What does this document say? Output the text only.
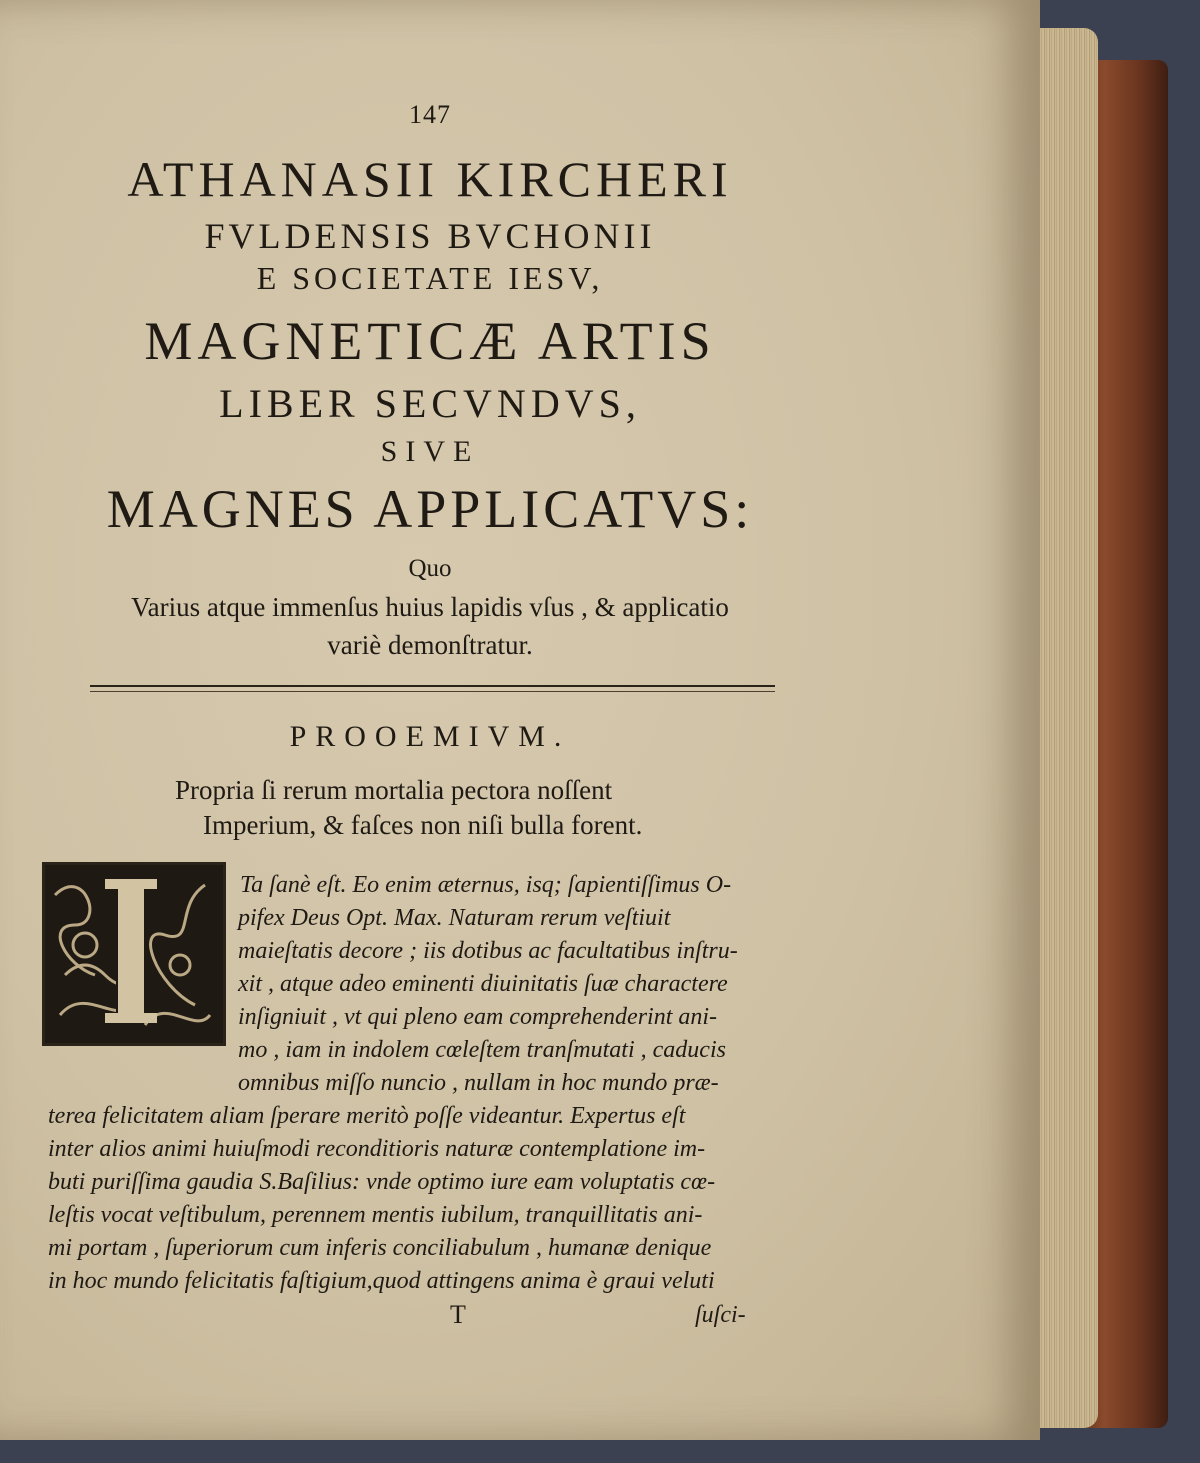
147
ATHANASII KIRCHERI
FVLDENSIS BVCHONII
E SOCIETATE IESV,
MAGNETICÆ ARTIS
LIBER SECVNDVS,
SIVE
MAGNES APPLICATVS:
Quo
Varius atque immenſus huius lapidis vſus , & applicatio
variè demonſtratur.
PROOEMIVM.
Propria ſi rerum mortalia pectora noſſent
Imperium, & faſces non niſi bulla forent.
Ta ſanè eſt. Eo enim æternus, isq; ſapientiſſimus O-
pifex Deus Opt. Max. Naturam rerum veſtiuit
maieſtatis decore ; iis dotibus ac facultatibus inſtru-
xit , atque adeo eminenti diuinitatis ſuæ charactere
inſigniuit , vt qui pleno eam comprehenderint ani-
mo , iam in indolem cœleſtem tranſmutati , caducis
omnibus miſſo nuncio , nullam in hoc mundo præ-
terea felicitatem aliam ſperare meritò poſſe videantur. Expertus eſt
inter alios animi huiuſmodi reconditioris naturæ contemplatione im-
buti puriſſima gaudia S.Baſilius: vnde optimo iure eam voluptatis cœ-
leſtis vocat veſtibulum, perennem mentis iubilum, tranquillitatis ani-
mi portam , ſuperiorum cum inferis conciliabulum , humanæ denique
in hoc mundo felicitatis faſtigium,quod attingens anima è graui veluti
T	ſuſci-
